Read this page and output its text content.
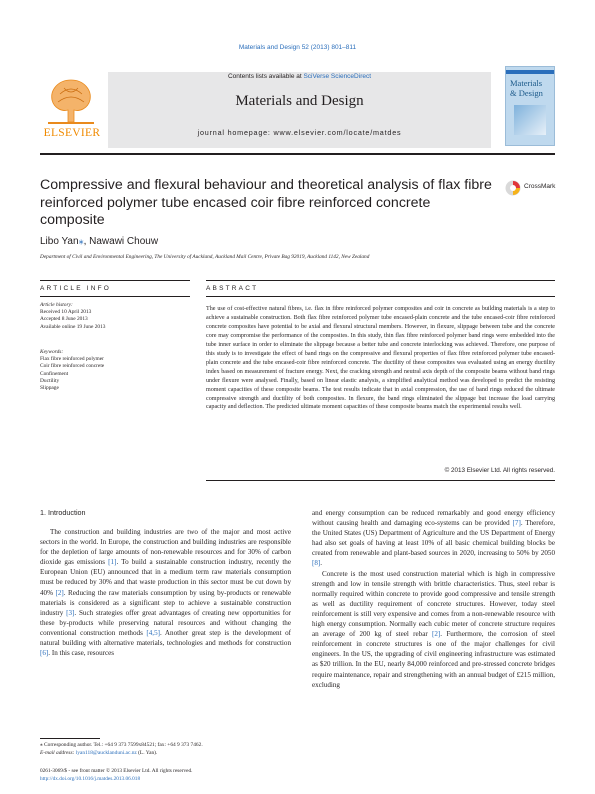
Materials and Design 52 (2013) 801–811
ELSEVIER
Contents lists available at SciVerse ScienceDirect
Materials and Design
journal homepage: www.elsevier.com/locate/matdes
Materials
& Design
Compressive and flexural behaviour and theoretical analysis of flax fibre reinforced polymer tube encased coir fibre reinforced concrete composite
CrossMark
Libo Yan⁎, Nawawi Chouw
Department of Civil and Environmental Engineering, The University of Auckland, Auckland Mail Centre, Private Bag 92019, Auckland 1142, New Zealand
ARTICLE INFO	ABSTRACT
Article history:
Received 10 April 2013
Accepted 8 June 2013
Available online 19 June 2013
Keywords:
Flax fibre reinforced polymer
Coir fibre reinforced concrete
Confinement
Ductility
Slippage
The use of cost-effective natural fibres, i.e. flax in fibre reinforced polymer composites and coir in concrete as building materials is a step to achieve a sustainable construction. Both flax fibre reinforced polymer tube encased-plain concrete and the tube encased-coir fibre reinforced concrete composites have potential to be axial and flexural structural members. However, in flexure, slippage between tube and the concrete core may compromise the performance of the composites. In this study, thin flax fibre reinforced polymer band rings were embedded into the tube inner surface in order to eliminate the slippage because a better tube and concrete interlocking was achieved. Therefore, one purpose of this study is to investigate the effect of band rings on the compressive and flexural properties of flax fibre reinforced polymer tube encased-plain concrete and the tube encased-coir fibre reinforced concrete. The ductility of these composites was evaluated using an energy ductility index based on measurement of fracture energy. Next, the cracking strength and neutral axis depth of the composite beams without band rings under flexure were analysed. Finally, based on linear elastic analysis, a simplified analytical method was developed to predict the resisting moment capacities of these composite beams. The test results indicate that in axial compression, the use of band rings reduced the ultimate compressive strength and ductility of both composites. In flexure, the band rings eliminated the slippage but increase the load carrying capacity and deflection. The predicted ultimate moment capacities of these composite beams match the experimental results well.
© 2013 Elsevier Ltd. All rights reserved.
1. Introduction

The construction and building industries are two of the major and most active sectors in the world. In Europe, the construction and building industries are responsible for the depletion of large amounts of non-renewable resources and for 30% of carbon dioxide gas emissions [1]. To build a sustainable construction industry, recently the European Union (EU) announced that in a medium term raw materials consumption must be reduced by 30% and that waste production in this sector must be cut down by 40% [2]. Reducing the raw materials consumption by using by-products or renewable materials is considered as a significant step to achieve a sustainable construction industry [3]. Such strategies offer great advantages of creating new opportunities for these by-products while preserving natural resources and without changing the conventional construction methods [4,5]. Another great step is the development of natural building with alternative materials, technologies and methods for construction [6]. In this case, resources

and energy consumption can be reduced remarkably and good energy efficiency without causing health and damaging eco-systems can be provided [7]. Therefore, the United States (US) Department of Agriculture and the US Department of Energy had also set goals of having at least 10% of all basic chemical building blocks be created from renewable and plant-based sources in 2020, increasing to 50% by 2050 [8].

Concrete is the most used construction material which is high in compressive strength and low in tensile strength with brittle characteristics. Thus, steel rebar is normally required within concrete to provide good compressive and tensile strength as well as ductility requirement of concrete structures. However, today steel reinforcement is still very expensive and comes from a non-renewable resource with high energy consumption. Normally each cubic meter of concrete structure requires an average of 200 kg of steel rebar [2]. Furthermore, the corrosion of steel reinforcement in concrete structures is one of the major challenges for civil engineers. In the US, the upgrading of civil engineering infrastructure was estimated as $20 trillion. In the EU, nearly 84,000 reinforced and pre-stressed concrete bridges require maintenance, repair and strengthening with an annual budget of £215 million, excluding

⁎ Corresponding author. Tel.: +64 9 373 7599x84521; fax: +64 9 373 7462.
E-mail address: lyan118@aucklanduni.ac.nz (L. Yan).
0261-3069/$ - see front matter © 2013 Elsevier Ltd. All rights reserved.
http://dx.doi.org/10.1016/j.matdes.2013.06.018
